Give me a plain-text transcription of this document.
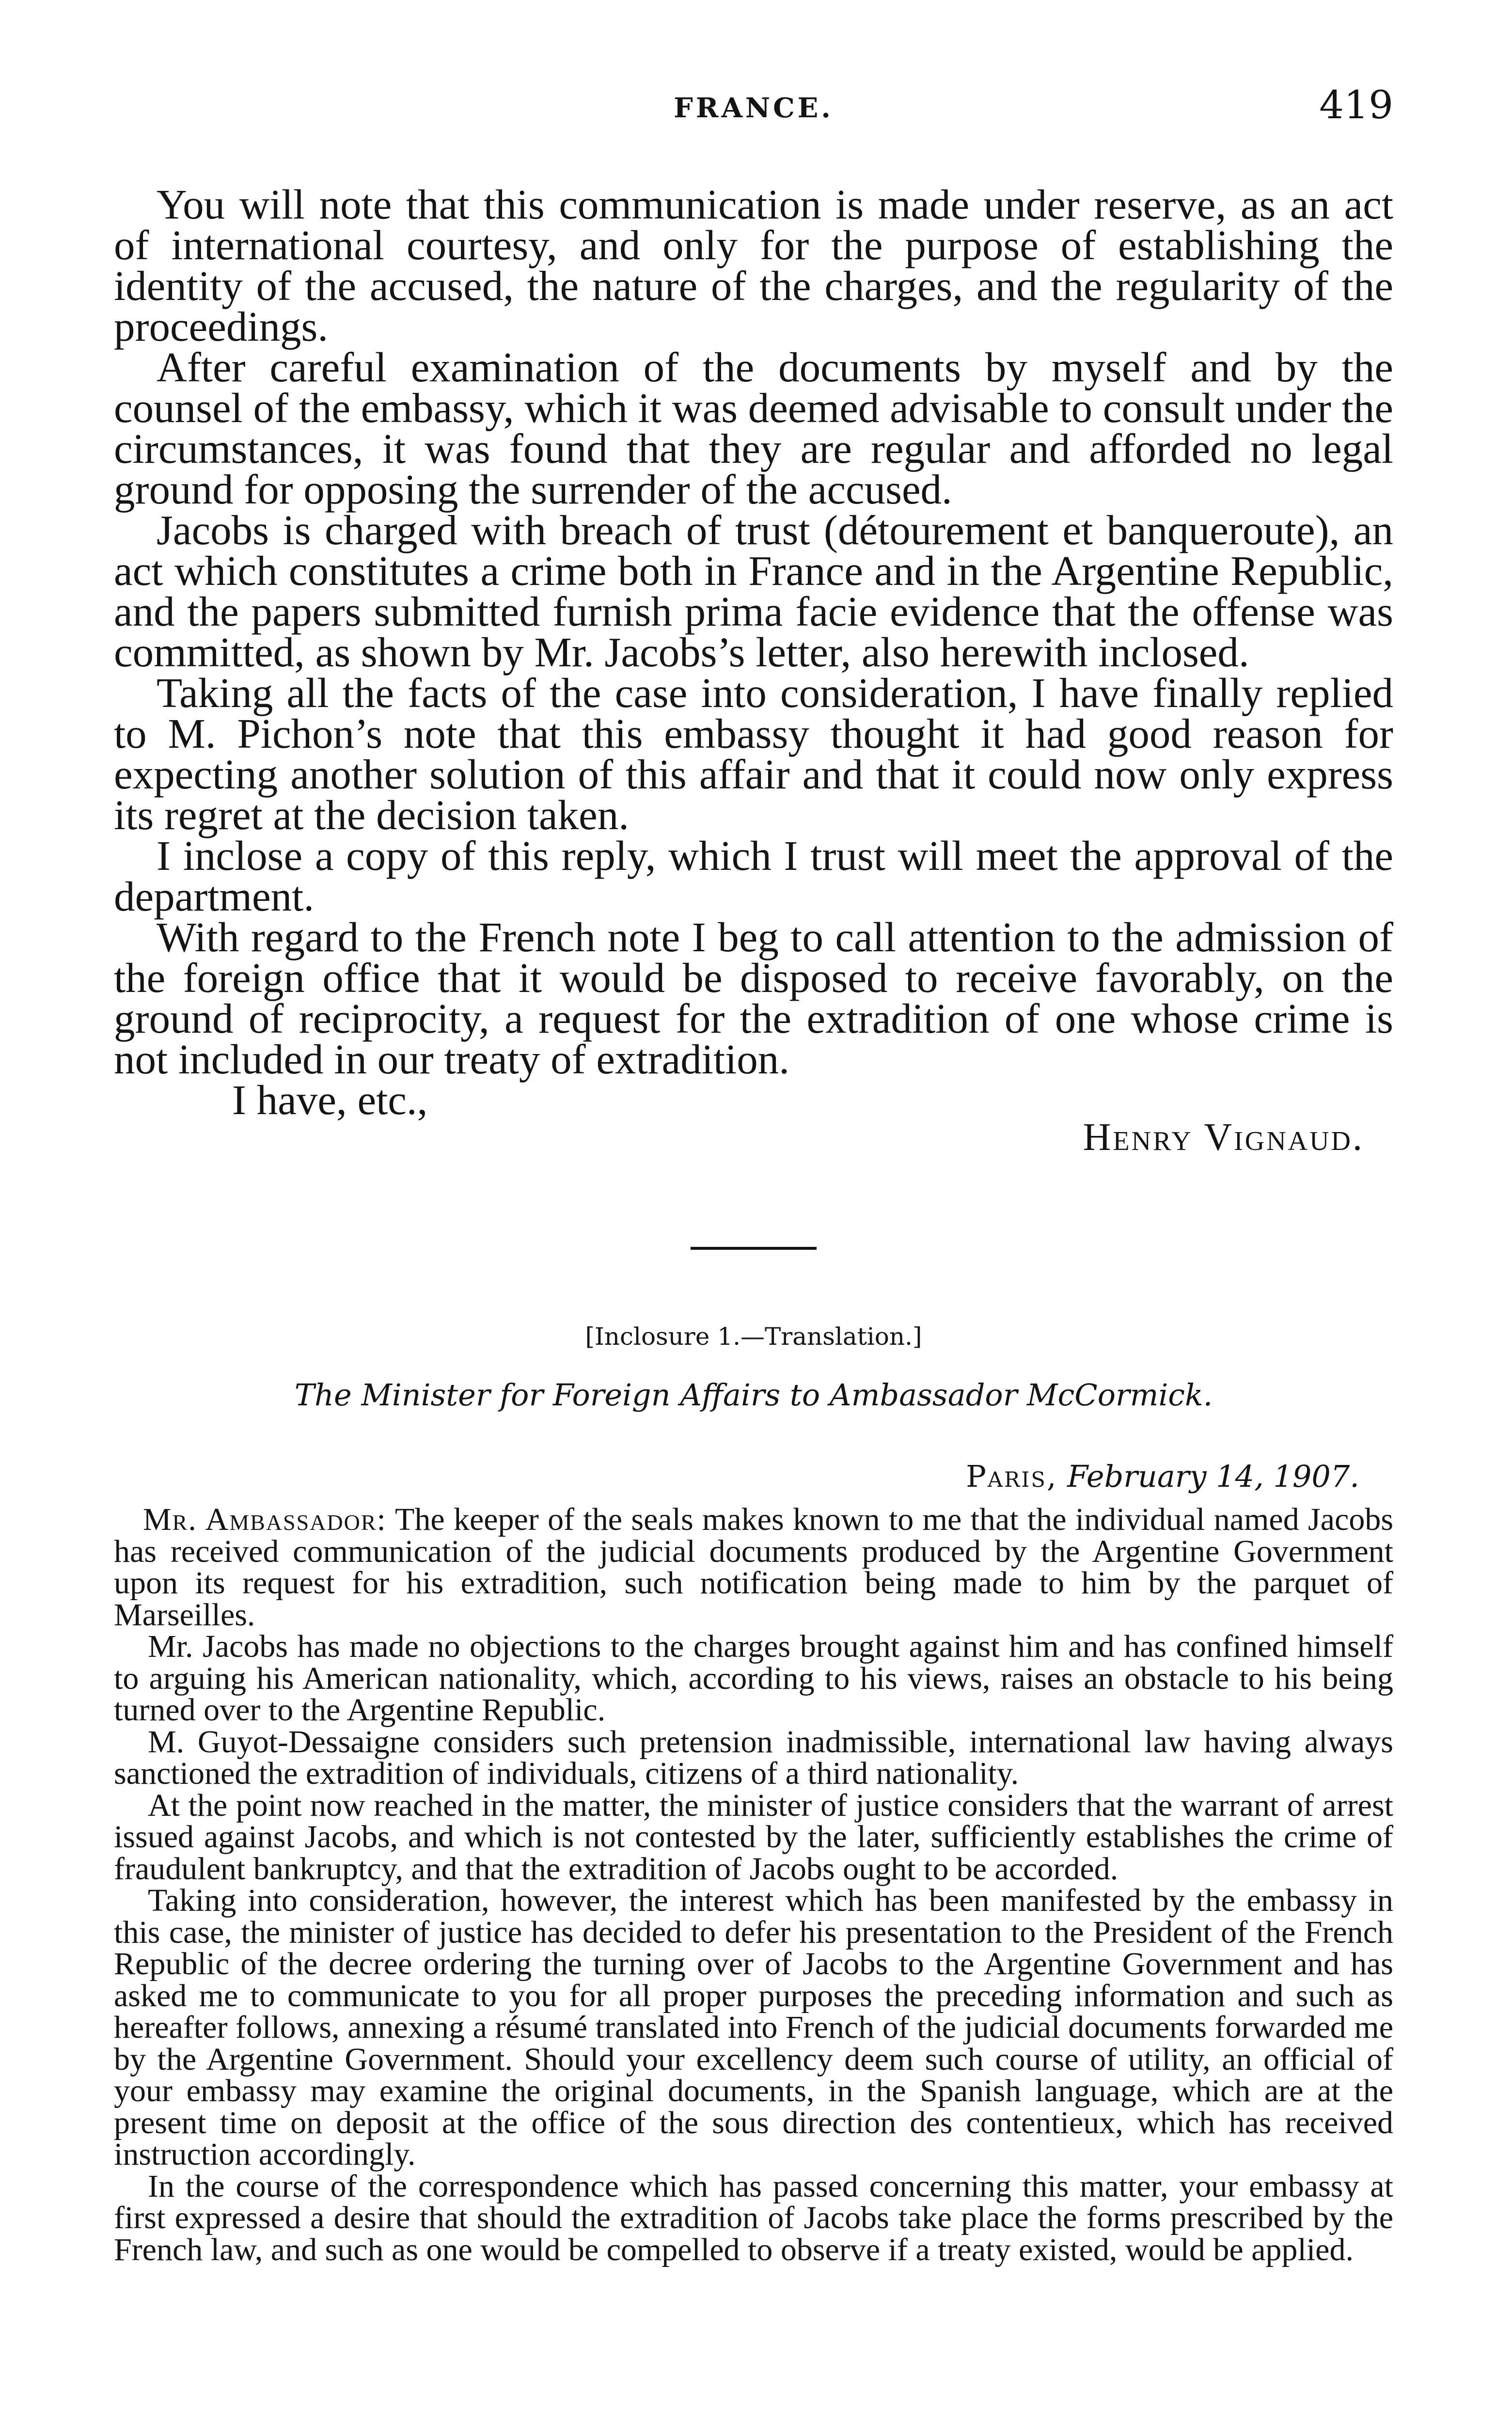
FRANCE.	419

You will note that this communication is made under reserve, as an act of international courtesy, and only for the purpose of establishing the identity of the accused, the nature of the charges, and the regularity of the proceedings.

After careful examination of the documents by myself and by the counsel of the embassy, which it was deemed advisable to consult under the circumstances, it was found that they are regular and afforded no legal ground for opposing the surrender of the accused.

Jacobs is charged with breach of trust (détourement et banqueroute), an act which constitutes a crime both in France and in the Argentine Republic, and the papers submitted furnish prima facie evidence that the offense was committed, as shown by Mr. Jacobs’s letter, also herewith inclosed.

Taking all the facts of the case into consideration, I have finally replied to M. Pichon’s note that this embassy thought it had good reason for expecting another solution of this affair and that it could now only express its regret at the decision taken.

I inclose a copy of this reply, which I trust will meet the approval of the department.

With regard to the French note I beg to call attention to the admission of the foreign office that it would be disposed to receive favorably, on the ground of reciprocity, a request for the extradition of one whose crime is not included in our treaty of extradition.

I have, etc.,
Henry Vignaud.
[Inclosure 1.—Translation.]
The Minister for Foreign Affairs to Ambassador McCormick.
Paris, February 14, 1907.

Mr. Ambassador: The keeper of the seals makes known to me that the individual named Jacobs has received communication of the judicial documents produced by the Argentine Government upon its request for his extradition, such notification being made to him by the parquet of Marseilles.

Mr. Jacobs has made no objections to the charges brought against him and has confined himself to arguing his American nationality, which, according to his views, raises an obstacle to his being turned over to the Argentine Republic.

M. Guyot-Dessaigne considers such pretension inadmissible, international law having always sanctioned the extradition of individuals, citizens of a third nationality.

At the point now reached in the matter, the minister of justice considers that the warrant of arrest issued against Jacobs, and which is not contested by the later, sufficiently establishes the crime of fraudulent bankruptcy, and that the extradition of Jacobs ought to be accorded.

Taking into consideration, however, the interest which has been manifested by the embassy in this case, the minister of justice has decided to defer his presentation to the President of the French Republic of the decree ordering the turning over of Jacobs to the Argentine Government and has asked me to communicate to you for all proper purposes the preceding information and such as hereafter follows, annexing a résumé translated into French of the judicial documents forwarded me by the Argentine Government. Should your excellency deem such course of utility, an official of your embassy may examine the original documents, in the Spanish language, which are at the present time on deposit at the office of the sous direction des contentieux, which has received instruction accordingly.

In the course of the correspondence which has passed concerning this matter, your embassy at first expressed a desire that should the extradition of Jacobs take place the forms prescribed by the French law, and such as one would be compelled to observe if a treaty existed, would be applied.
